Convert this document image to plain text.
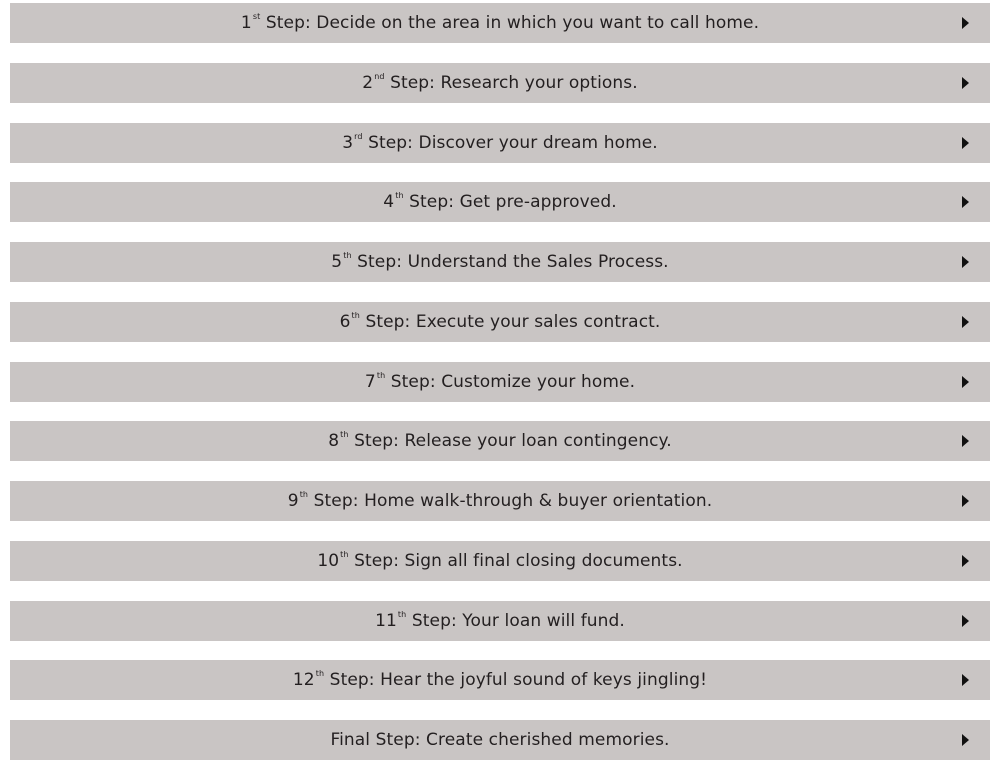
1st Step: Decide on the area in which you want to call home.
2nd Step: Research your options.
3rd Step: Discover your dream home.
4th Step: Get pre-approved.
5th Step: Understand the Sales Process.
6th Step: Execute your sales contract.
7th Step: Customize your home.
8th Step: Release your loan contingency.
9th Step: Home walk-through & buyer orientation.
10th Step: Sign all final closing documents.
11th Step: Your loan will fund.
12th Step: Hear the joyful sound of keys jingling!
Final Step: Create cherished memories.
